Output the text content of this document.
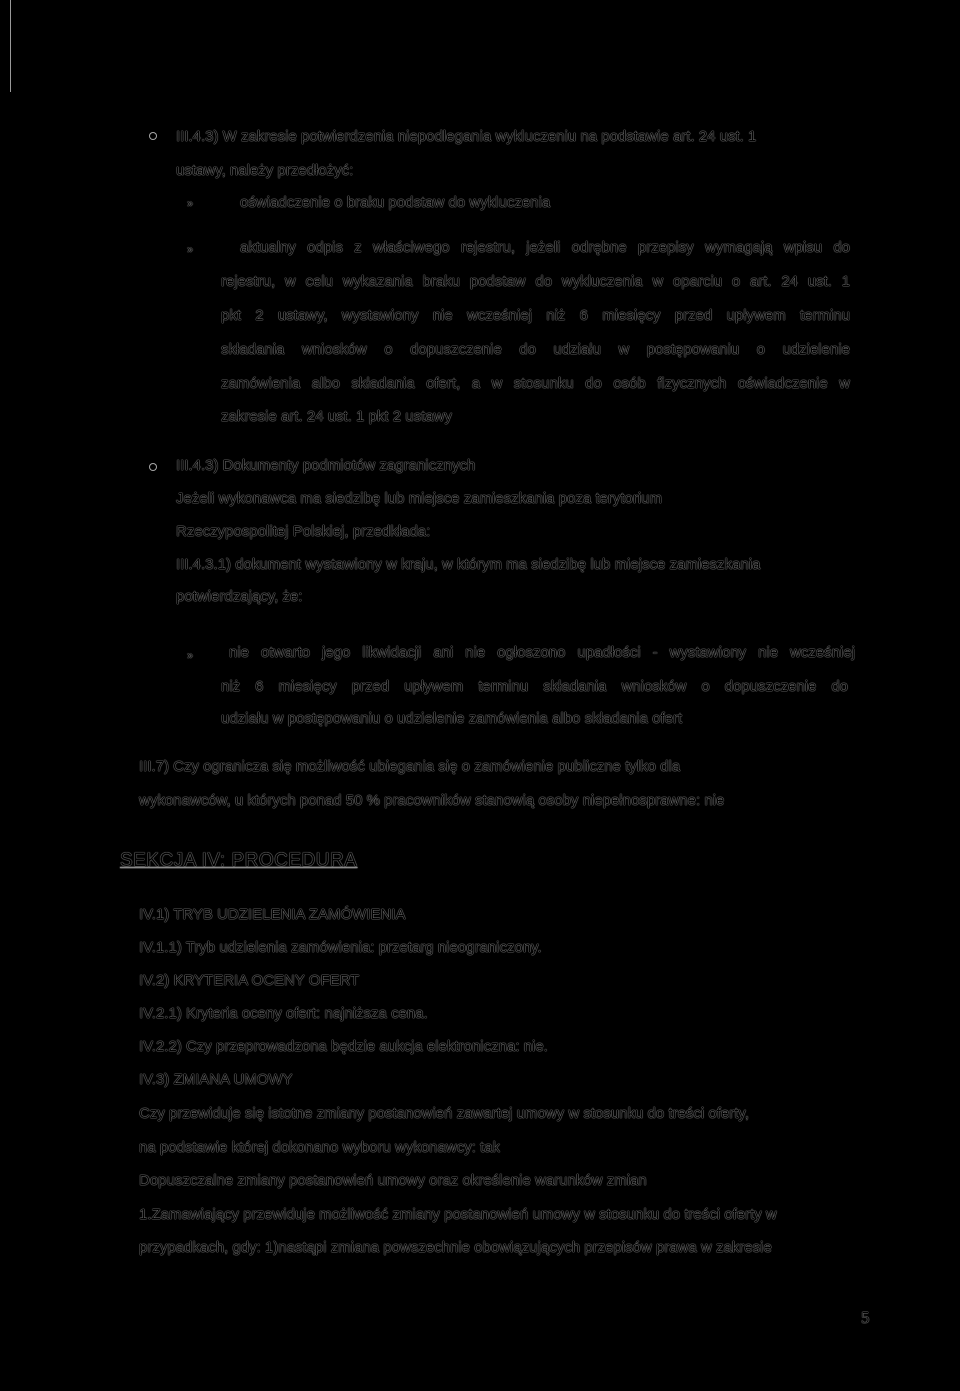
III.4.3) W zakresie potwierdzenia niepodlegania wykluczeniu na podstawie art. 24 ust. 1
ustawy, należy przedłożyć:
»	oświadczenie o braku podstaw do wykluczenia
»	aktualny odpis z właściwego rejestru, jeżeli odrębne przepisy wymagają wpisu do
rejestru, w celu wykazania braku podstaw do wykluczenia w oparciu o art. 24 ust. 1
pkt 2 ustawy, wystawiony nie wcześniej niż 6 miesięcy przed upływem terminu
składania wniosków o dopuszczenie do udziału w postępowaniu o udzielenie
zamówienia albo składania ofert, a w stosunku do osób fizycznych oświadczenie w
zakresie art. 24 ust. 1 pkt 2 ustawy
III.4.3) Dokumenty podmiotów zagranicznych
Jeżeli wykonawca ma siedzibę lub miejsce zamieszkania poza terytorium
Rzeczypospolitej Polskiej, przedkłada:
III.4.3.1) dokument wystawiony w kraju, w którym ma siedzibę lub miejsce zamieszkania
potwierdzający, że:
» nie otwarto jego likwidacji ani nie ogłoszono upadłości - wystawiony nie wcześniej
niż 6 miesięcy przed upływem terminu składania wniosków o dopuszczenie do
udziału w postępowaniu o udzielenie zamówienia albo składania ofert
III.7) Czy ogranicza się możliwość ubiegania się o zamówienie publiczne tylko dla
wykonawców, u których ponad 50 % pracowników stanowią osoby niepełnosprawne: nie
SEKCJA IV: PROCEDURA
IV.1) TRYB UDZIELENIA ZAMÓWIENIA
IV.1.1) Tryb udzielenia zamówienia: przetarg nieograniczony.
IV.2) KRYTERIA OCENY OFERT
IV.2.1) Kryteria oceny ofert: najniższa cena.
IV.2.2) Czy przeprowadzona będzie aukcja elektroniczna: nie.
IV.3) ZMIANA UMOWY
Czy przewiduje się istotne zmiany postanowień zawartej umowy w stosunku do treści oferty,
na podstawie której dokonano wyboru wykonawcy: tak
Dopuszczalne zmiany postanowień umowy oraz określenie warunków zmian
1.Zamawiający przewiduje możliwość zmiany postanowień umowy w stosunku do treści oferty w
przypadkach, gdy: 1)nastąpi zmiana powszechnie obowiązujących przepisów prawa w zakresie
5
